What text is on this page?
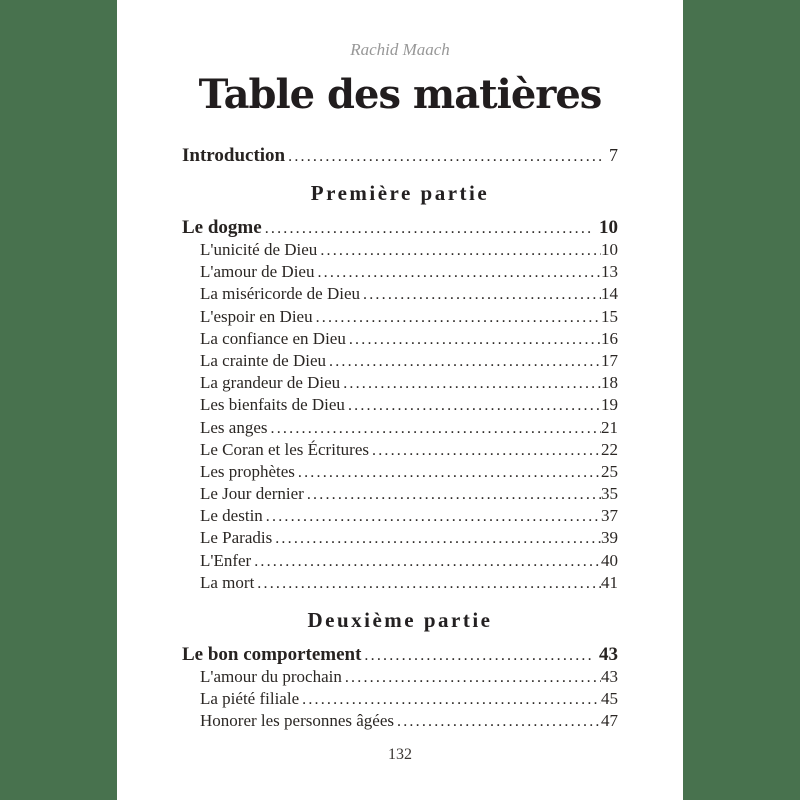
Rachid Maach
Table des matières
Introduction .....	7
Première partie
Le dogme .....	10
L'unicité de Dieu .....	10
L'amour de Dieu .....	13
La miséricorde de Dieu .....	14
L'espoir en Dieu .....	15
La confiance en Dieu .....	16
La crainte de Dieu .....	17
La grandeur de Dieu .....	18
Les bienfaits de Dieu .....	19
Les anges .....	21
Le Coran et les Écritures .....	22
Les prophètes .....	25
Le Jour dernier .....	35
Le destin .....	37
Le Paradis .....	39
L'Enfer .....	40
La mort .....	41
Deuxième partie
Le bon comportement .....	43
L'amour du prochain .....	43
La piété filiale .....	45
Honorer les personnes âgées .....	47
132
